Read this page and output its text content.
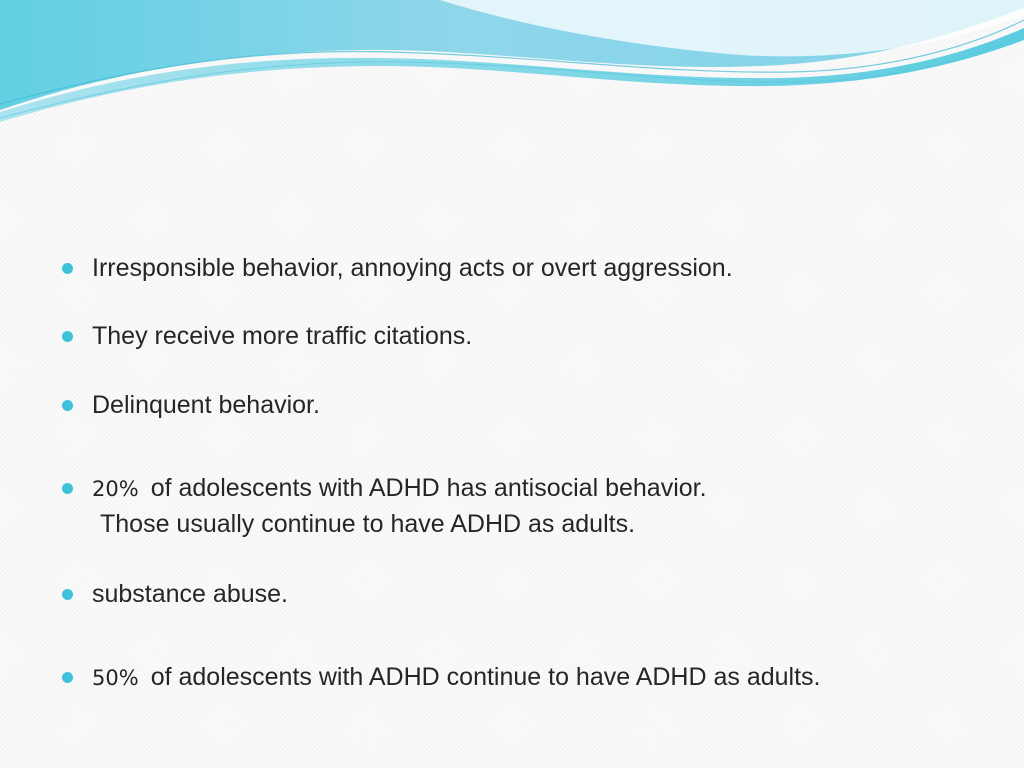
Irresponsible behavior, annoying acts or overt aggression.
They receive more traffic citations.
Delinquent behavior.
20% of adolescents with ADHD has antisocial behavior.
Those usually continue to have ADHD as adults.
substance abuse.
50% of adolescents with ADHD continue to have ADHD as adults.
